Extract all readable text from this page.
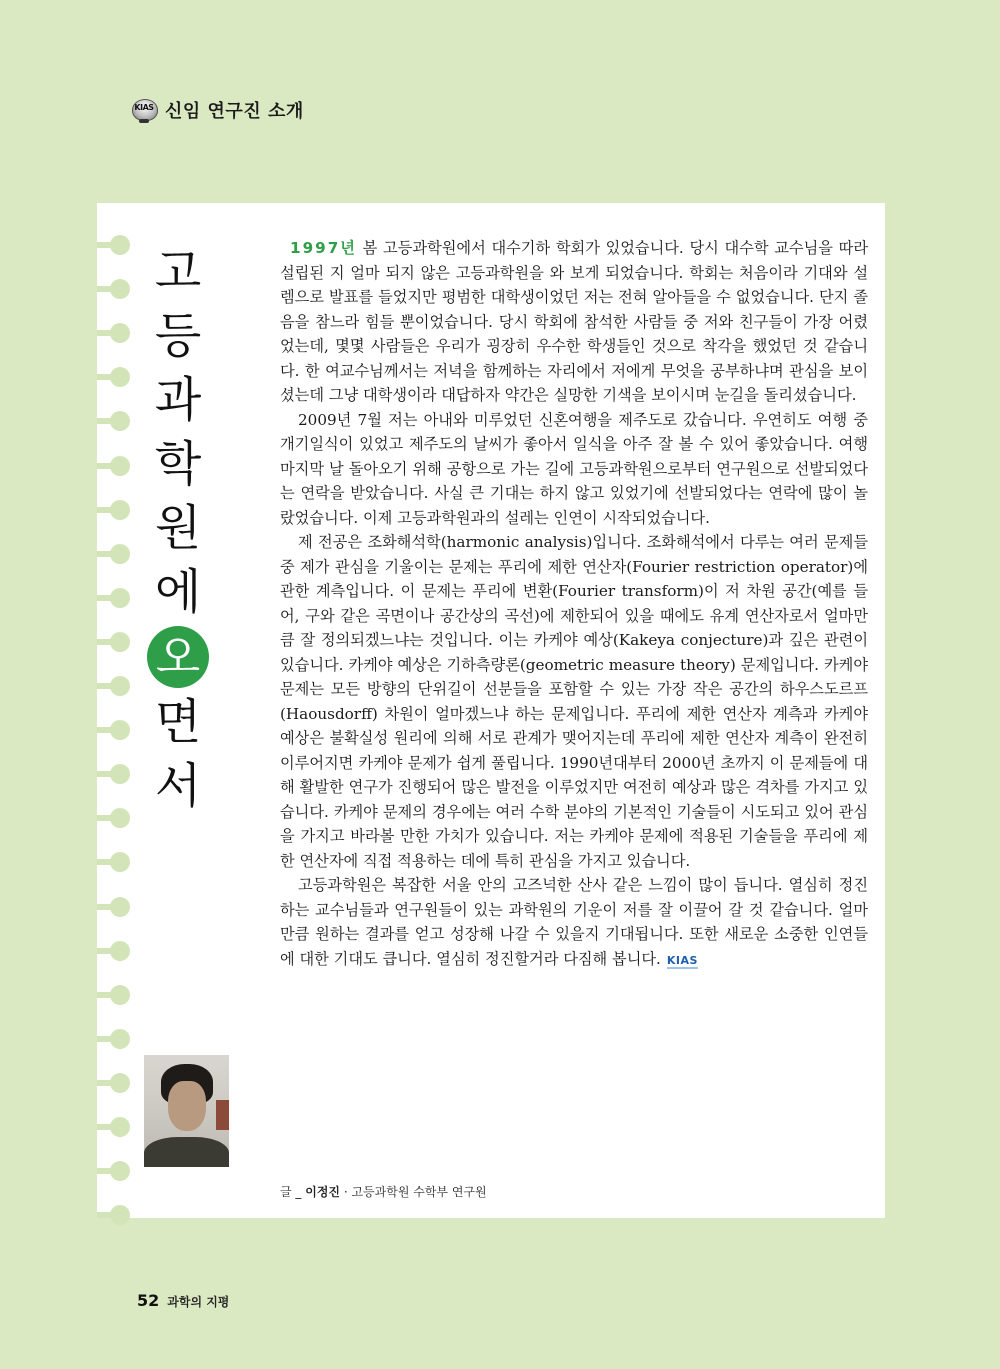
KIAS 신임 연구진 소개
고
등
과
학
원
에
오
면
서

1997년 봄 고등과학원에서 대수기하 학회가 있었습니다. 당시 대수학 교수님을 따라 설립된 지 얼마 되지 않은 고등과학원을 와 보게 되었습니다. 학회는 처음이라 기대와 설렘으로 발표를 들었지만 평범한 대학생이었던 저는 전혀 알아들을 수 없었습니다. 단지 졸음을 참느라 힘들 뿐이었습니다. 당시 학회에 참석한 사람들 중 저와 친구들이 가장 어렸었는데, 몇몇 사람들은 우리가 굉장히 우수한 학생들인 것으로 착각을 했었던 것 같습니다. 한 여교수님께서는 저녁을 함께하는 자리에서 저에게 무엇을 공부하냐며 관심을 보이셨는데 그냥 대학생이라 대답하자 약간은 실망한 기색을 보이시며 눈길을 돌리셨습니다.

2009년 7월 저는 아내와 미루었던 신혼여행을 제주도로 갔습니다. 우연히도 여행 중 개기일식이 있었고 제주도의 날씨가 좋아서 일식을 아주 잘 볼 수 있어 좋았습니다. 여행 마지막 날 돌아오기 위해 공항으로 가는 길에 고등과학원으로부터 연구원으로 선발되었다는 연락을 받았습니다. 사실 큰 기대는 하지 않고 있었기에 선발되었다는 연락에 많이 놀랐었습니다. 이제 고등과학원과의 설레는 인연이 시작되었습니다.

제 전공은 조화해석학(harmonic analysis)입니다. 조화해석에서 다루는 여러 문제들 중 제가 관심을 기울이는 문제는 푸리에 제한 연산자(Fourier restriction operator)에 관한 계측입니다. 이 문제는 푸리에 변환(Fourier transform)이 저 차원 공간(예를 들어, 구와 같은 곡면이나 공간상의 곡선)에 제한되어 있을 때에도 유계 연산자로서 얼마만큼 잘 정의되겠느냐는 것입니다. 이는 카케야 예상(Kakeya conjecture)과 깊은 관련이 있습니다. 카케야 예상은 기하측량론(geometric measure theory) 문제입니다. 카케야 문제는 모든 방향의 단위길이 선분들을 포함할 수 있는 가장 작은 공간의 하우스도르프(Haousdorff) 차원이 얼마겠느냐 하는 문제입니다. 푸리에 제한 연산자 계측과 카케야 예상은 불확실성 원리에 의해 서로 관계가 맺어지는데 푸리에 제한 연산자 계측이 완전히 이루어지면 카케야 문제가 쉽게 풀립니다. 1990년대부터 2000년 초까지 이 문제들에 대해 활발한 연구가 진행되어 많은 발전을 이루었지만 여전히 예상과 많은 격차를 가지고 있습니다. 카케야 문제의 경우에는 여러 수학 분야의 기본적인 기술들이 시도되고 있어 관심을 가지고 바라볼 만한 가치가 있습니다. 저는 카케야 문제에 적용된 기술들을 푸리에 제한 연산자에 직접 적용하는 데에 특히 관심을 가지고 있습니다.

고등과학원은 복잡한 서울 안의 고즈넉한 산사 같은 느낌이 많이 듭니다. 열심히 정진하는 교수님들과 연구원들이 있는 과학원의 기운이 저를 잘 이끌어 갈 것 같습니다. 얼마만큼 원하는 결과를 얻고 성장해 나갈 수 있을지 기대됩니다. 또한 새로운 소중한 인연들에 대한 기대도 큽니다. 열심히 정진할거라 다짐해 봅니다. KIAS

글 _ 이정진 · 고등과학원 수학부 연구원
52 과학의 지평
